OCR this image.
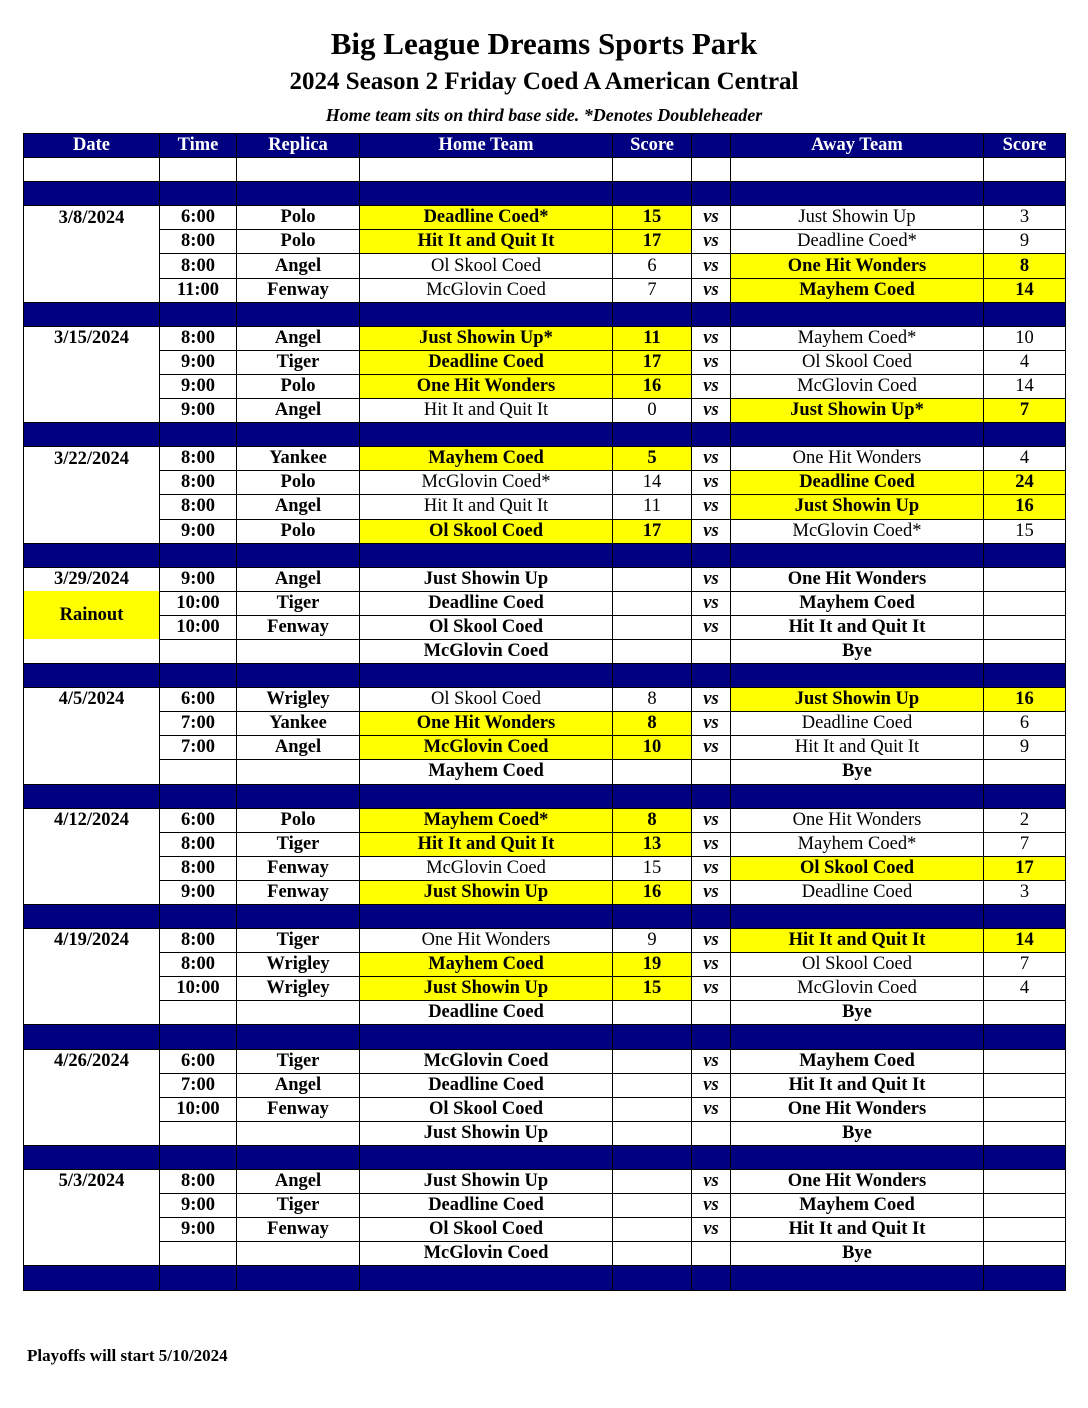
Big League Dreams Sports Park
2024 Season 2 Friday Coed A American Central
Home team sits on third base side. *Denotes Doubleheader
Date	Time	Replica	Home Team	Score		Away Team	Score

3/8/2024	6:00	Polo	Deadline Coed*	15	vs	Just Showin Up	3
	8:00	Polo	Hit It and Quit It	17	vs	Deadline Coed*	9
	8:00	Angel	Ol Skool Coed	6	vs	One Hit Wonders	8
	11:00	Fenway	McGlovin Coed	7	vs	Mayhem Coed	14

3/15/2024	8:00	Angel	Just Showin Up*	11	vs	Mayhem Coed*	10
	9:00	Tiger	Deadline Coed	17	vs	Ol Skool Coed	4
	9:00	Polo	One Hit Wonders	16	vs	McGlovin Coed	14
	9:00	Angel	Hit It and Quit It	0	vs	Just Showin Up*	7

3/22/2024	8:00	Yankee	Mayhem Coed	5	vs	One Hit Wonders	4
	8:00	Polo	McGlovin Coed*	14	vs	Deadline Coed	24
	8:00	Angel	Hit It and Quit It	11	vs	Just Showin Up	16
	9:00	Polo	Ol Skool Coed	17	vs	McGlovin Coed*	15

3/29/2024	9:00	Angel	Just Showin Up		vs	One Hit Wonders	
Rainout	10:00	Tiger	Deadline Coed		vs	Mayhem Coed	
	10:00	Fenway	Ol Skool Coed		vs	Hit It and Quit It	
			McGlovin Coed			Bye	

4/5/2024	6:00	Wrigley	Ol Skool Coed	8	vs	Just Showin Up	16
	7:00	Yankee	One Hit Wonders	8	vs	Deadline Coed	6
	7:00	Angel	McGlovin Coed	10	vs	Hit It and Quit It	9
			Mayhem Coed			Bye	

4/12/2024	6:00	Polo	Mayhem Coed*	8	vs	One Hit Wonders	2
	8:00	Tiger	Hit It and Quit It	13	vs	Mayhem Coed*	7
	8:00	Fenway	McGlovin Coed	15	vs	Ol Skool Coed	17
	9:00	Fenway	Just Showin Up	16	vs	Deadline Coed	3

4/19/2024	8:00	Tiger	One Hit Wonders	9	vs	Hit It and Quit It	14
	8:00	Wrigley	Mayhem Coed	19	vs	Ol Skool Coed	7
	10:00	Wrigley	Just Showin Up	15	vs	McGlovin Coed	4
			Deadline Coed			Bye	

4/26/2024	6:00	Tiger	McGlovin Coed		vs	Mayhem Coed	
	7:00	Angel	Deadline Coed		vs	Hit It and Quit It	
	10:00	Fenway	Ol Skool Coed		vs	One Hit Wonders	
			Just Showin Up			Bye	

5/3/2024	8:00	Angel	Just Showin Up		vs	One Hit Wonders	
	9:00	Tiger	Deadline Coed		vs	Mayhem Coed	
	9:00	Fenway	Ol Skool Coed		vs	Hit It and Quit It	
			McGlovin Coed			Bye	

Playoffs will start 5/10/2024
